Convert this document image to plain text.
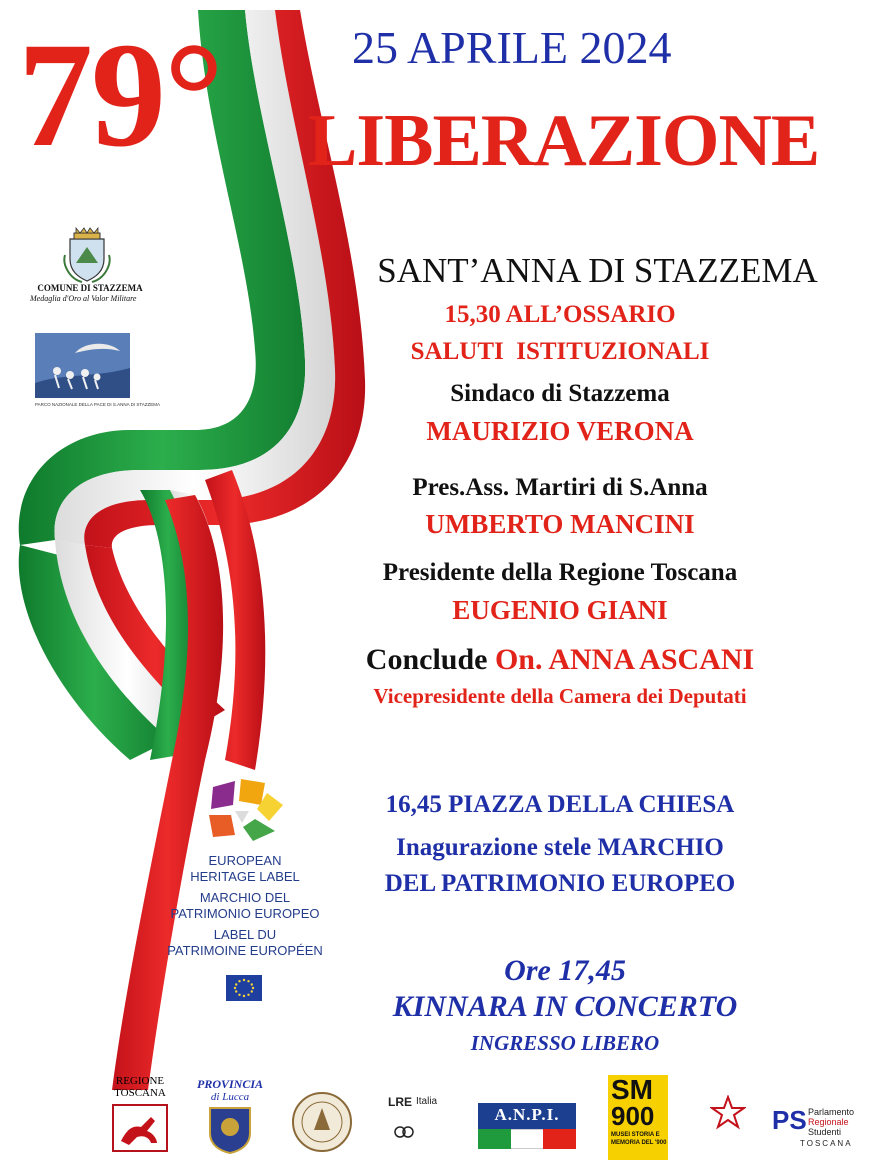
79°	25 APRILE 2024
LIBERAZIONE
COMUNE DI STAZZEMA
Medaglia d'Oro al Valor Militare
PARCO NAZIONALE DELLA PACE DI S.ANNA DI STAZZEMA
SANT’ANNA DI STAZZEMA
15,30 ALL’OSSARIO
SALUTI  ISTITUZIONALI
Sindaco di Stazzema
MAURIZIO VERONA
Pres.Ass. Martiri di S.Anna
UMBERTO MANCINI
Presidente della Regione Toscana
EUGENIO GIANI
Conclude On. ANNA ASCANI
Vicepresidente della Camera dei Deputati
16,45 PIAZZA DELLA CHIESA
Inagurazione stele MARCHIO
DEL PATRIMONIO EUROPEO
Ore 17,45
KINNARA IN CONCERTO
INGRESSO LIBERO
EUROPEAN
HERITAGE LABEL
MARCHIO DEL
PATRIMONIO EUROPEO
LABEL DU
PATRIMOINE EUROPÉEN
REGIONE
TOSCANA
PROVINCIA
di Lucca	LRE Italia
A.N.P.I.
SM
900
MUSEI STORIA E MEMORIA DEL '900
PS Parlamento
Regionale
Studenti
TOSCANA
